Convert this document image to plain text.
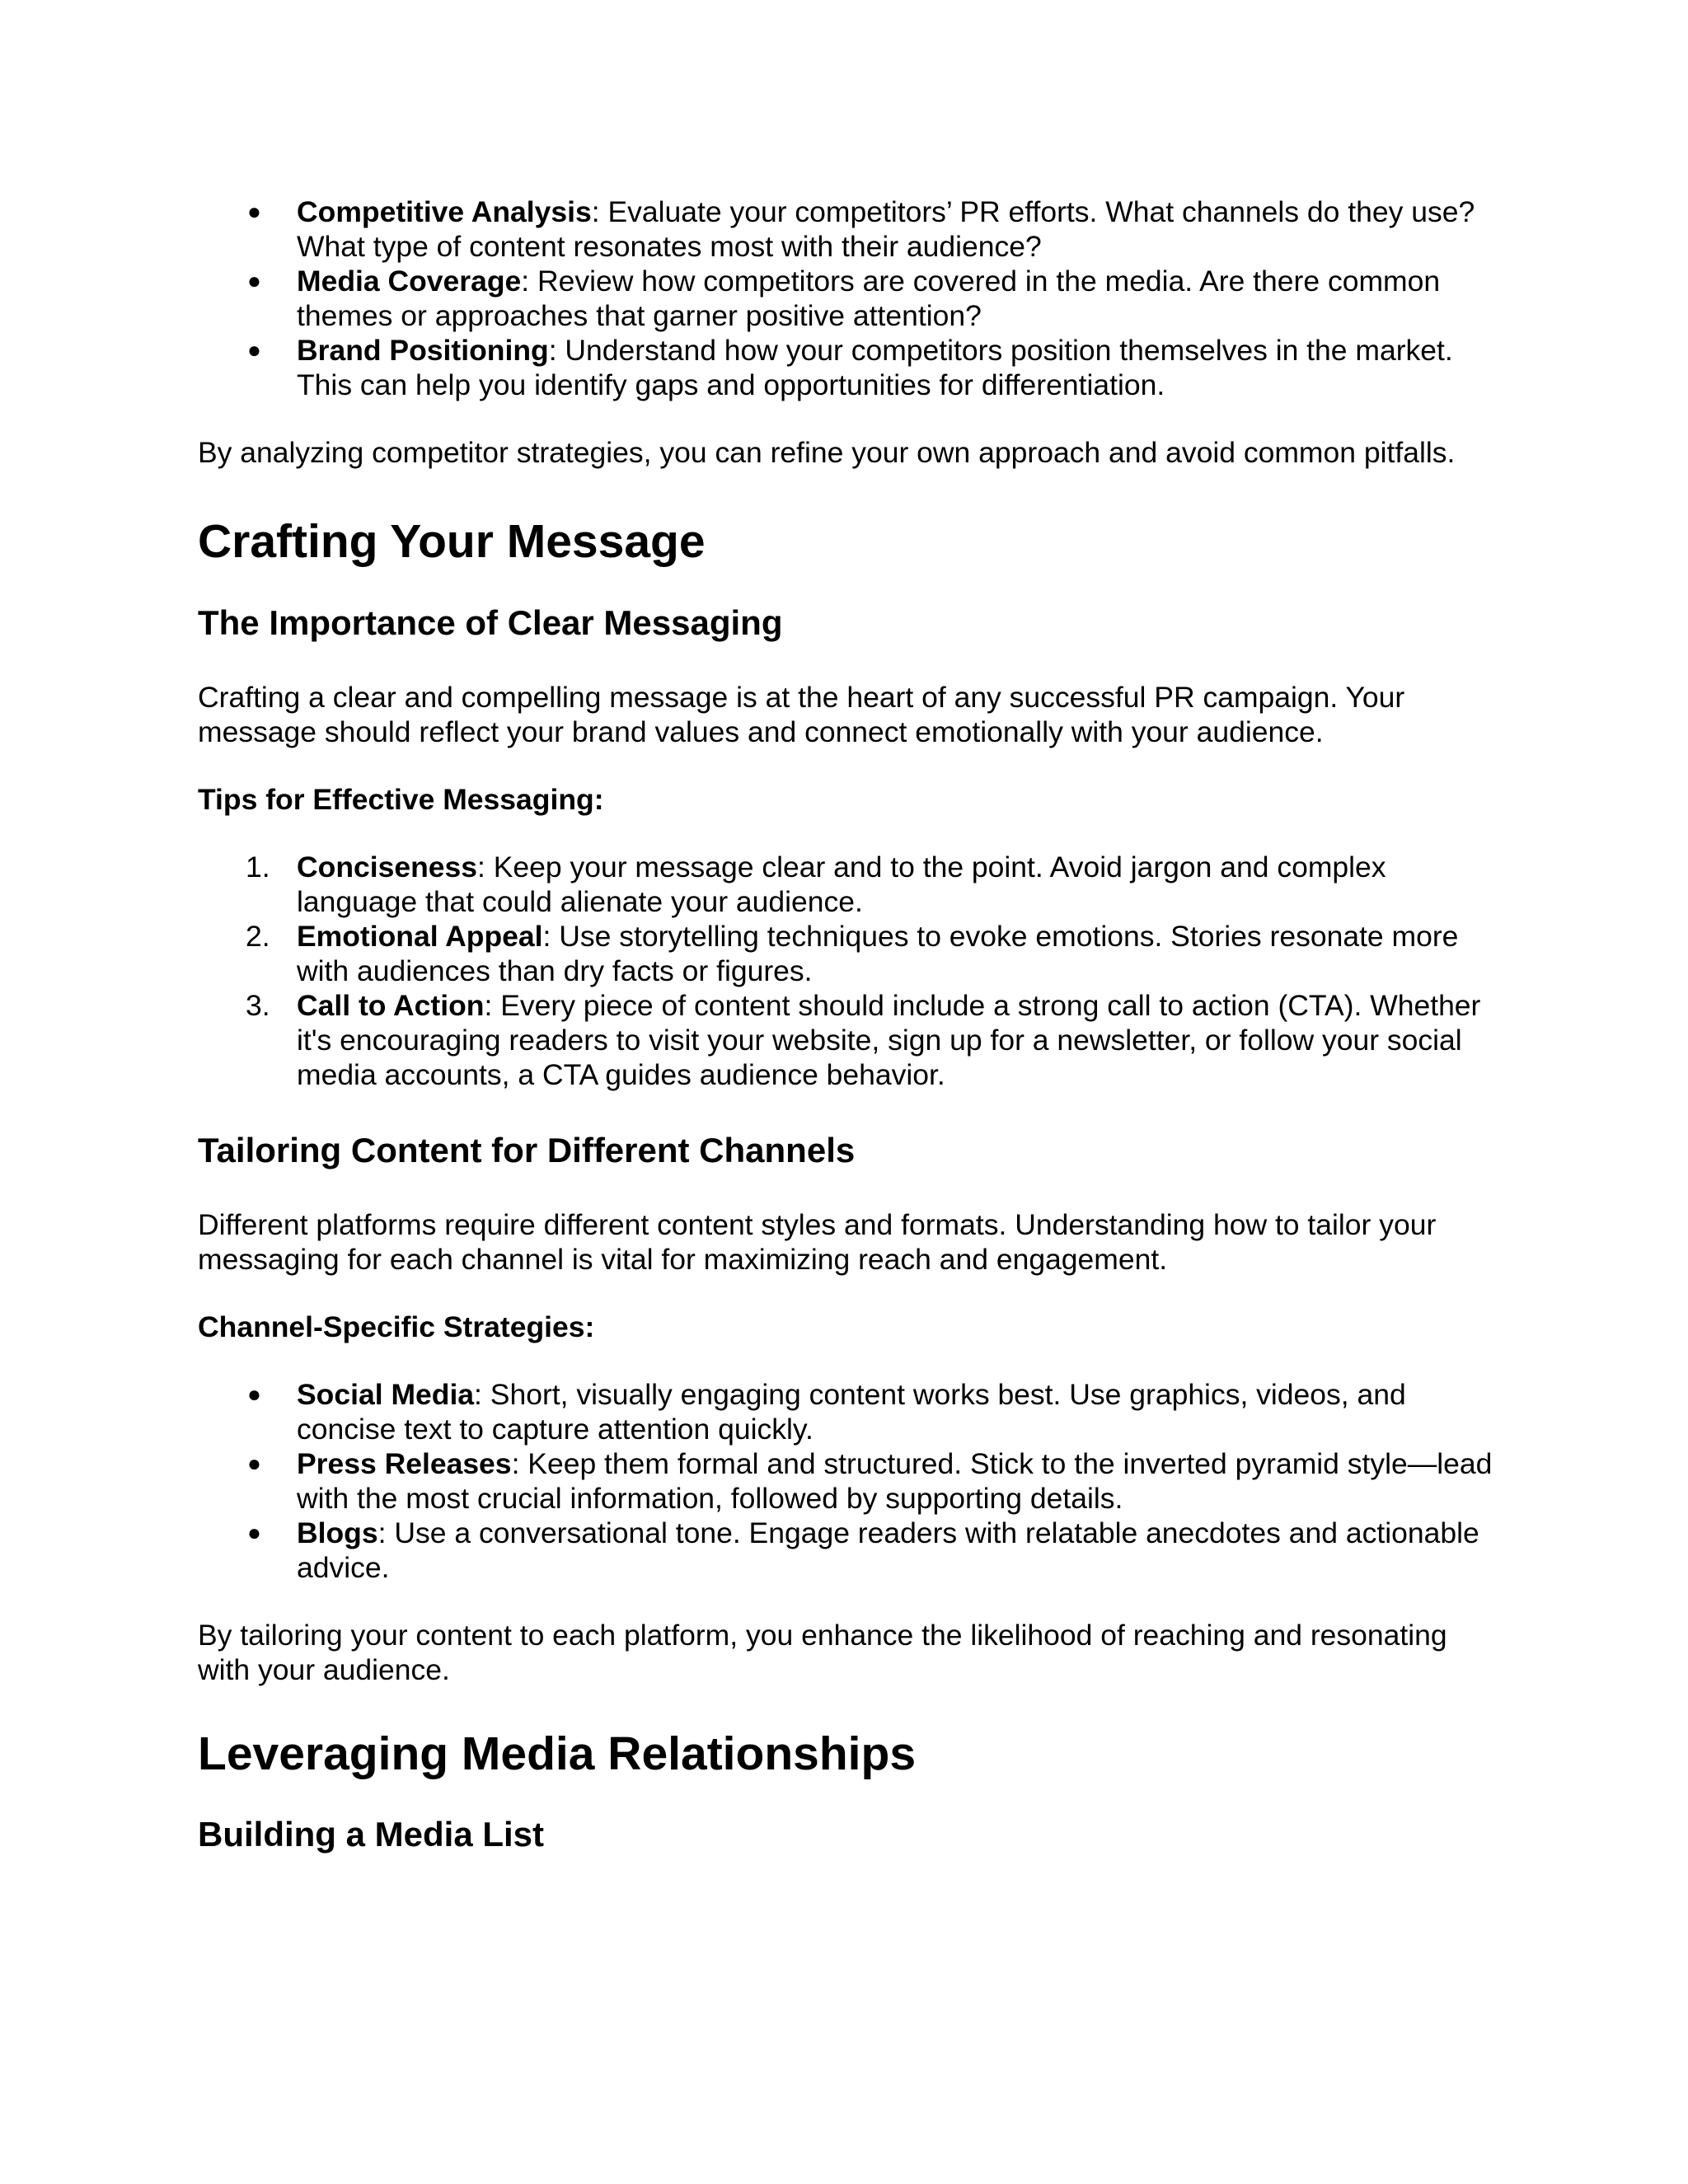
● Competitive Analysis: Evaluate your competitors’ PR efforts. What channels do they use? What type of content resonates most with their audience?
● Media Coverage: Review how competitors are covered in the media. Are there common themes or approaches that garner positive attention?
● Brand Positioning: Understand how your competitors position themselves in the market. This can help you identify gaps and opportunities for differentiation.

By analyzing competitor strategies, you can refine your own approach and avoid common pitfalls.

Crafting Your Message
The Importance of Clear Messaging

Crafting a clear and compelling message is at the heart of any successful PR campaign. Your message should reflect your brand values and connect emotionally with your audience.

Tips for Effective Messaging:
1. Conciseness: Keep your message clear and to the point. Avoid jargon and complex language that could alienate your audience.
2. Emotional Appeal: Use storytelling techniques to evoke emotions. Stories resonate more with audiences than dry facts or figures.
3. Call to Action: Every piece of content should include a strong call to action (CTA). Whether it's encouraging readers to visit your website, sign up for a newsletter, or follow your social media accounts, a CTA guides audience behavior.
Tailoring Content for Different Channels

Different platforms require different content styles and formats. Understanding how to tailor your messaging for each channel is vital for maximizing reach and engagement.

Channel-Specific Strategies:
● Social Media: Short, visually engaging content works best. Use graphics, videos, and concise text to capture attention quickly.
● Press Releases: Keep them formal and structured. Stick to the inverted pyramid style—lead with the most crucial information, followed by supporting details.
● Blogs: Use a conversational tone. Engage readers with relatable anecdotes and actionable advice.

By tailoring your content to each platform, you enhance the likelihood of reaching and resonating with your audience.

Leveraging Media Relationships
Building a Media List
